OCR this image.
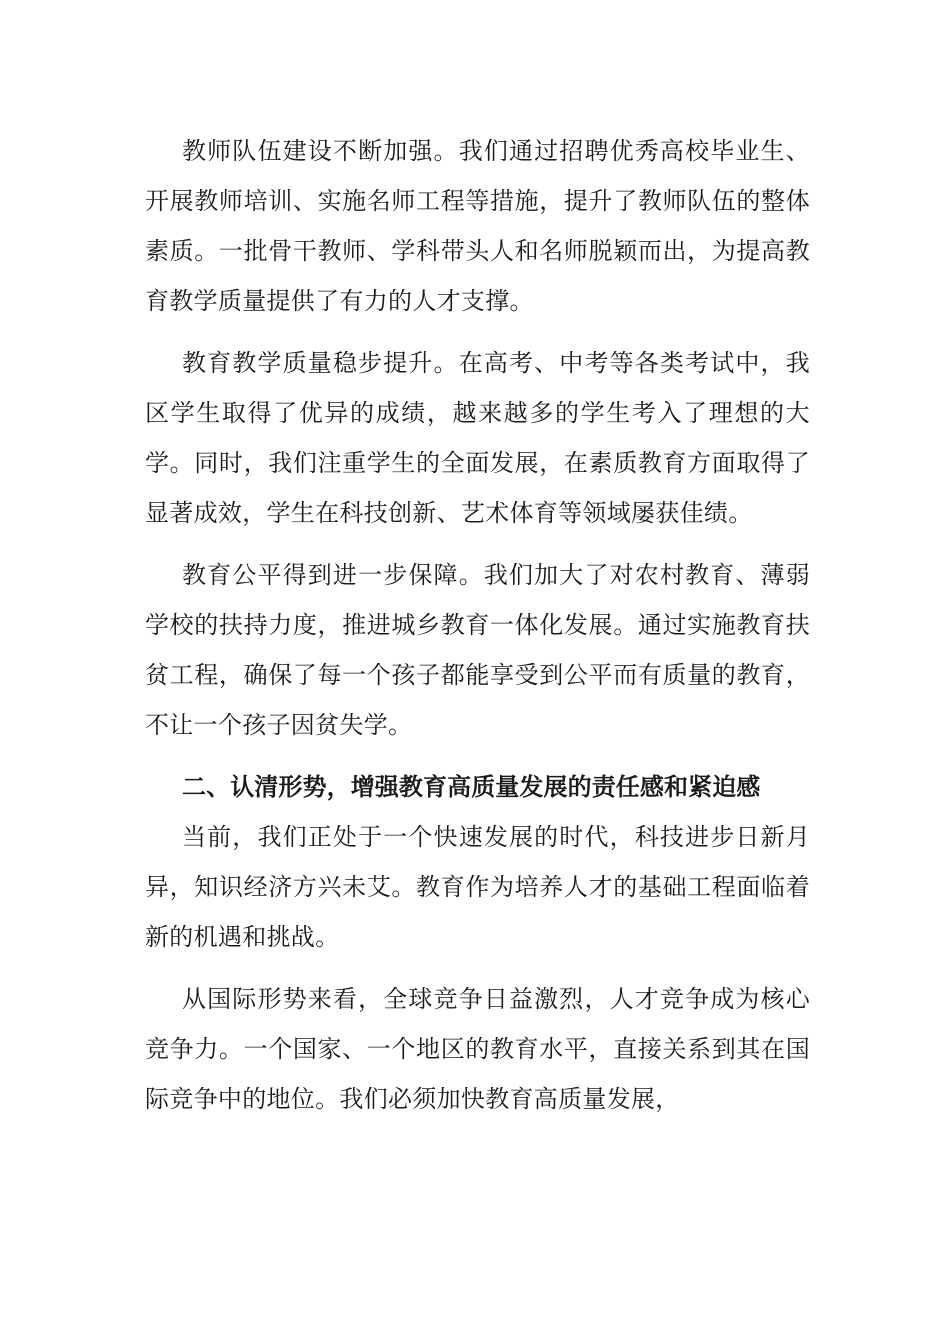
教师队伍建设不断加强。我们通过招聘优秀高校毕业生、开展教师培训、实施名师工程等措施，提升了教师队伍的整体素质。一批骨干教师、学科带头人和名师脱颖而出，为提高教育教学质量提供了有力的人才支撑。

教育教学质量稳步提升。在高考、中考等各类考试中，我区学生取得了优异的成绩，越来越多的学生考入了理想的大学。同时，我们注重学生的全面发展，在素质教育方面取得了显著成效，学生在科技创新、艺术体育等领域屡获佳绩。

教育公平得到进一步保障。我们加大了对农村教育、薄弱学校的扶持力度，推进城乡教育一体化发展。通过实施教育扶贫工程，确保了每一个孩子都能享受到公平而有质量的教育，不让一个孩子因贫失学。

二、认清形势，增强教育高质量发展的责任感和紧迫感

当前，我们正处于一个快速发展的时代，科技进步日新月异，知识经济方兴未艾。教育作为培养人才的基础工程面临着新的机遇和挑战。

从国际形势来看，全球竞争日益激烈，人才竞争成为核心竞争力。一个国家、一个地区的教育水平，直接关系到其在国际竞争中的地位。我们必须加快教育高质量发展，
